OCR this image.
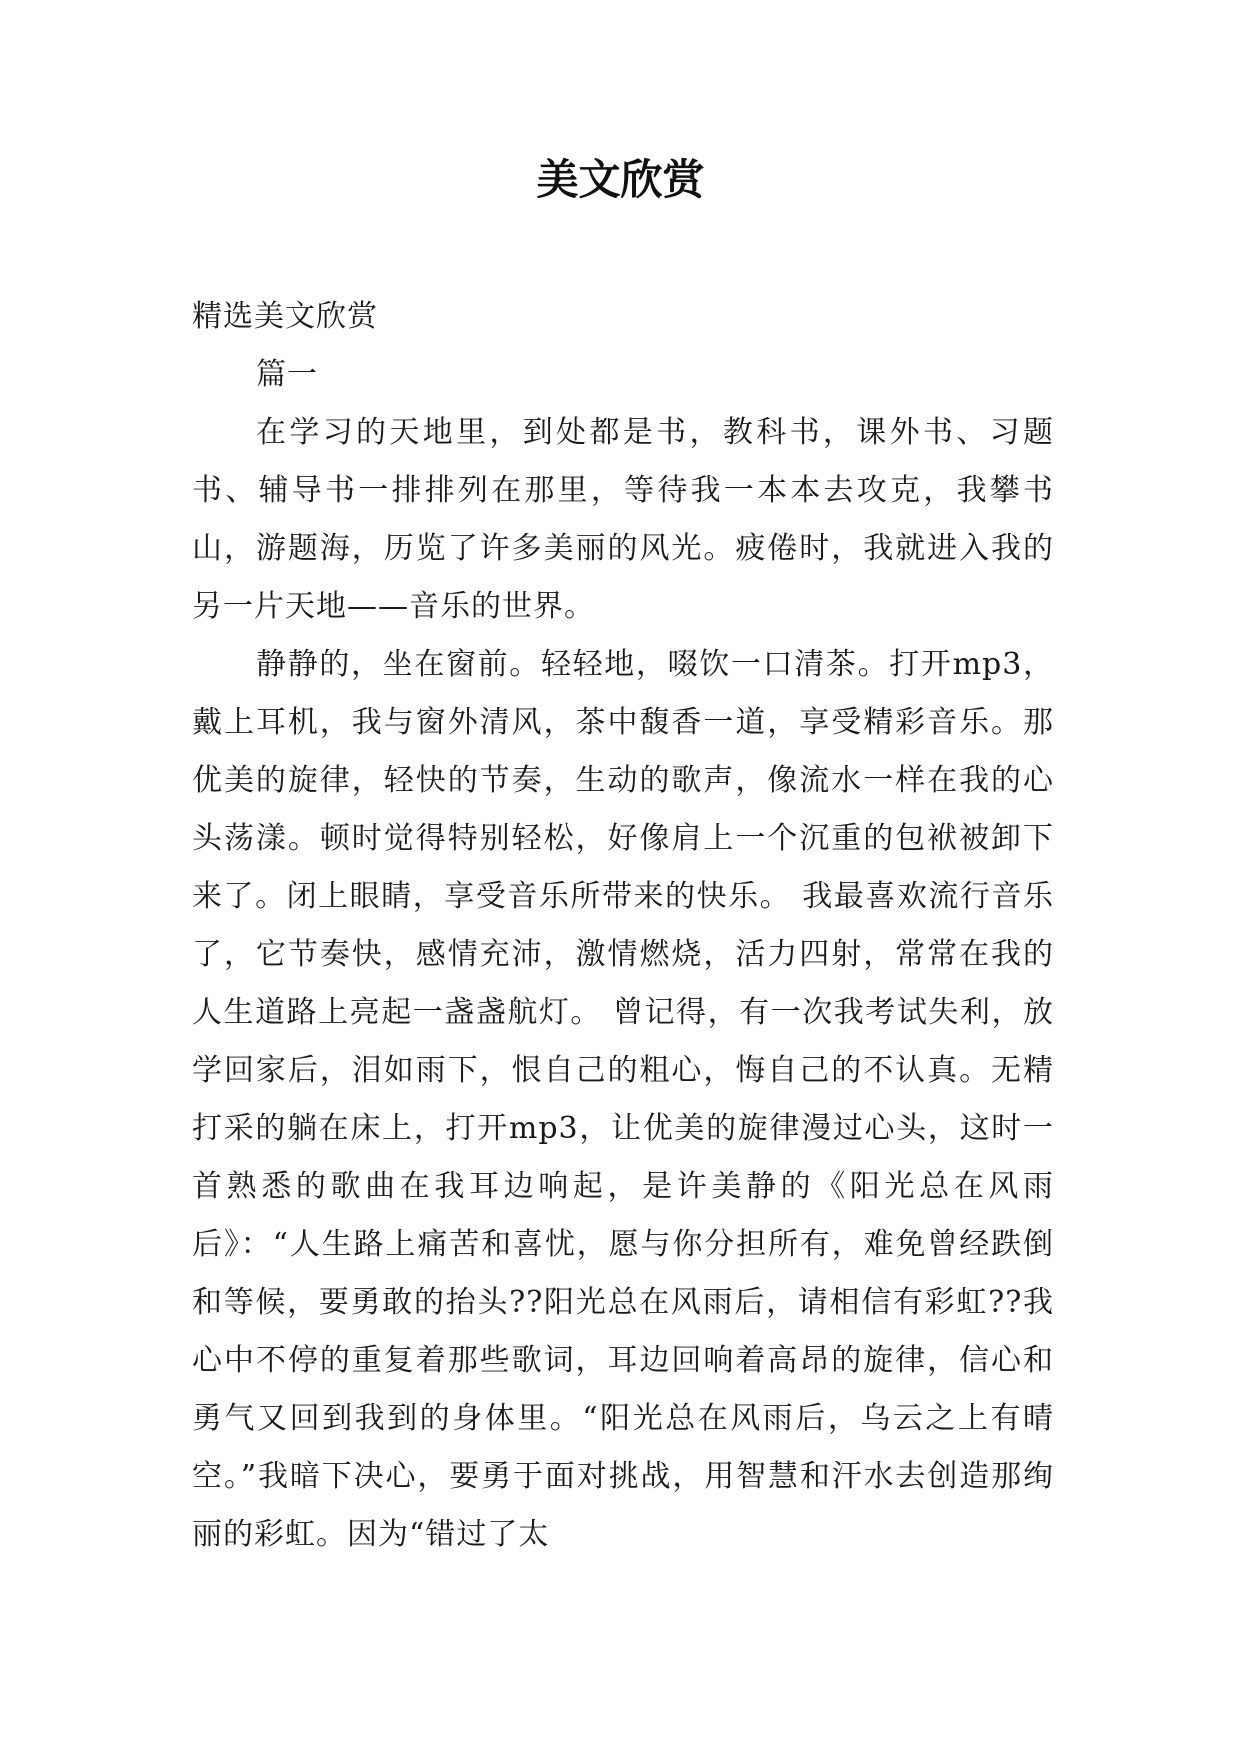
美文欣赏

精选美文欣赏

篇一

在学习的天地里，到处都是书，教科书，课外书、习题书、辅导书一排排列在那里，等待我一本本去攻克，我攀书山，游题海，历览了许多美丽的风光。疲倦时，我就进入我的另一片天地——音乐的世界。

静静的，坐在窗前。轻轻地，啜饮一口清茶。打开mp3，戴上耳机，我与窗外清风，茶中馥香一道，享受精彩音乐。那优美的旋律，轻快的节奏，生动的歌声，像流水一样在我的心头荡漾。顿时觉得特别轻松，好像肩上一个沉重的包袱被卸下来了。闭上眼睛，享受音乐所带来的快乐。 我最喜欢流行音乐了，它节奏快，感情充沛，激情燃烧，活力四射，常常在我的人生道路上亮起一盏盏航灯。 曾记得，有一次我考试失利，放学回家后，泪如雨下，恨自己的粗心，悔自己的不认真。无精打采的躺在床上，打开mp3，让优美的旋律漫过心头，这时一首熟悉的歌曲在我耳边响起，是许美静的《阳光总在风雨后》：“人生路上痛苦和喜忧，愿与你分担所有，难免曾经跌倒和等候，要勇敢的抬头??阳光总在风雨后，请相信有彩虹??我心中不停的重复着那些歌词，耳边回响着高昂的旋律，信心和勇气又回到我到的身体里。“阳光总在风雨后，乌云之上有晴空。”我暗下决心，要勇于面对挑战，用智慧和汗水去创造那绚丽的彩虹。因为“错过了太
